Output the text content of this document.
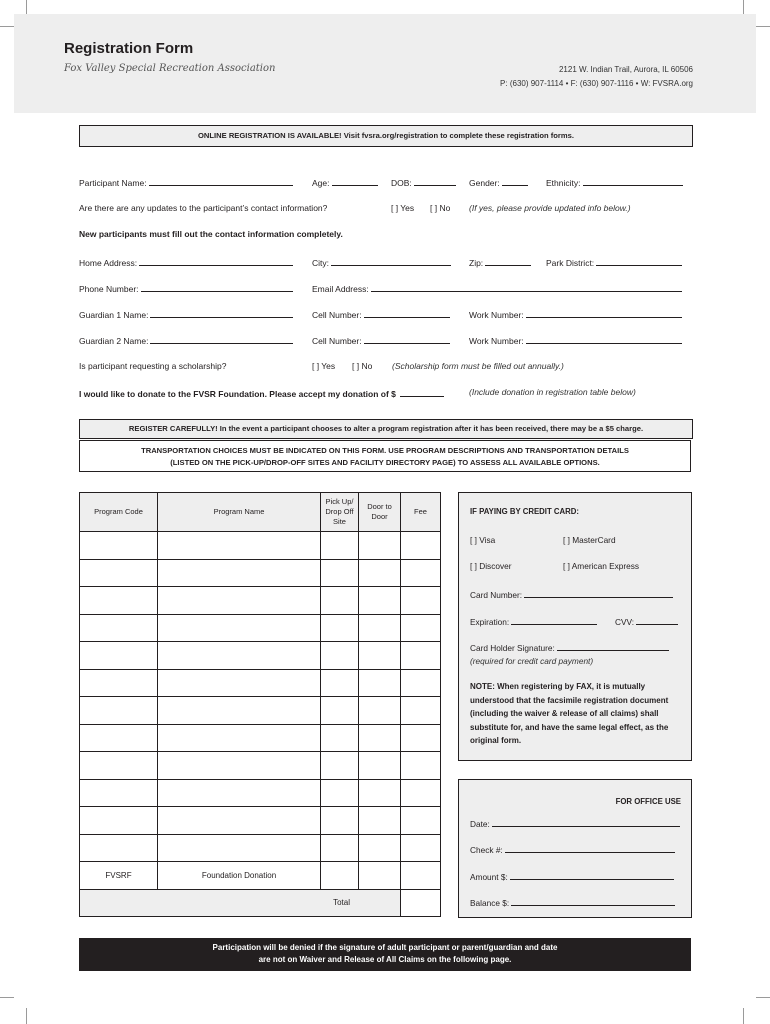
Registration Form
Fox Valley Special Recreation Association	2121 W. Indian Trail, Aurora, IL 60506
P: (630) 907-1114 • F: (630) 907-1116 • W: FVSRA.org
ONLINE REGISTRATION IS AVAILABLE! Visit fvsra.org/registration to complete these registration forms.
Participant Name:	Age:	DOB:	Gender:	Ethnicity:
Are there are any updates to the participant’s contact information?	[ ] Yes [ ] No (If yes, please provide updated info below.)
New participants must fill out the contact information completely.
Home Address:	City:	Zip:	Park District:
Phone Number:	Email Address:
Guardian 1 Name:	Cell Number:	Work Number:
Guardian 2 Name:	Cell Number:	Work Number:
Is participant requesting a scholarship?	[ ] Yes [ ] No (Scholarship form must be filled out annually.)
I would like to donate to the FVSR Foundation. Please accept my donation of $	(Include donation in registration table below)
REGISTER CAREFULLY! In the event a participant chooses to alter a program registration after it has been received, there may be a $5 charge.
TRANSPORTATION CHOICES MUST BE INDICATED ON THIS FORM. USE PROGRAM DESCRIPTIONS AND TRANSPORTATION DETAILS
(LISTED ON THE PICK-UP/DROP-OFF SITES AND FACILITY DIRECTORY PAGE) TO ASSESS ALL AVAILABLE OPTIONS.
Program Code	Program Name	Pick Up/ Drop Off Site	Door to Door	Fee

FVSRF	Foundation Donation			
Total				
IF PAYING BY CREDIT CARD:
[ ] Visa	[ ] MasterCard
[ ] Discover	[ ] American Express
Card Number:
Expiration:	CVV:
Card Holder Signature:
(required for credit card payment)
NOTE: When registering by FAX, it is mutually understood that the facsimile registration document (including the waiver & release of all claims) shall substitute for, and have the same legal effect, as the original form.
FOR OFFICE USE
Date:
Check #:
Amount $:
Balance $:
Participation will be denied if the signature of adult participant or parent/guardian and date
are not on Waiver and Release of All Claims on the following page.
